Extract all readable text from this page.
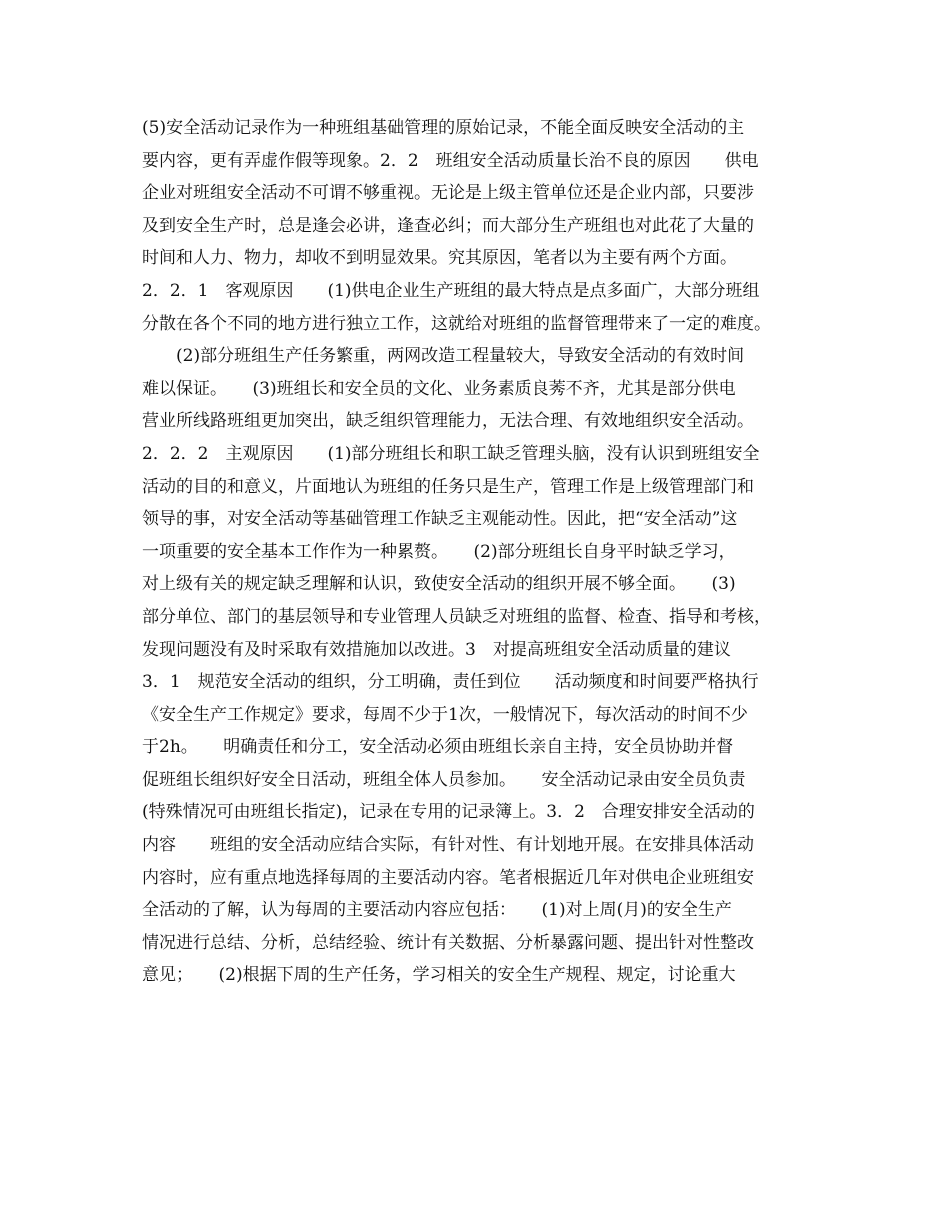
(5)安全活动记录作为一种班组基础管理的原始记录，不能全面反映安全活动的主
要内容，更有弄虚作假等现象。2．2　班组安全活动质量长治不良的原因　　供电
企业对班组安全活动不可谓不够重视。无论是上级主管单位还是企业内部，只要涉
及到安全生产时，总是逢会必讲，逢查必纠；而大部分生产班组也对此花了大量的
时间和人力、物力，却收不到明显效果。究其原因，笔者以为主要有两个方面。
2．2．1　客观原因　　(1)供电企业生产班组的最大特点是点多面广，大部分班组
分散在各个不同的地方进行独立工作，这就给对班组的监督管理带来了一定的难度。
　　(2)部分班组生产任务繁重，两网改造工程量较大，导致安全活动的有效时间
难以保证。　　(3)班组长和安全员的文化、业务素质良莠不齐，尤其是部分供电
营业所线路班组更加突出，缺乏组织管理能力，无法合理、有效地组织安全活动。
2．2．2　主观原因　　(1)部分班组长和职工缺乏管理头脑，没有认识到班组安全
活动的目的和意义，片面地认为班组的任务只是生产，管理工作是上级管理部门和
领导的事，对安全活动等基础管理工作缺乏主观能动性。因此，把“安全活动”这
一项重要的安全基本工作作为一种累赘。　　(2)部分班组长自身平时缺乏学习，
对上级有关的规定缺乏理解和认识，致使安全活动的组织开展不够全面。　　(3)
部分单位、部门的基层领导和专业管理人员缺乏对班组的监督、检查、指导和考核，
发现问题没有及时采取有效措施加以改进。3　对提高班组安全活动质量的建议
3．1　规范安全活动的组织，分工明确，责任到位　　活动频度和时间要严格执行
《安全生产工作规定》要求，每周不少于1次，一般情况下，每次活动的时间不少
于2h。　　明确责任和分工，安全活动必须由班组长亲自主持，安全员协助并督
促班组长组织好安全日活动，班组全体人员参加。　　安全活动记录由安全员负责
(特殊情况可由班组长指定)，记录在专用的记录簿上。3．2　合理安排安全活动的
内容　　班组的安全活动应结合实际，有针对性、有计划地开展。在安排具体活动
内容时，应有重点地选择每周的主要活动内容。笔者根据近几年对供电企业班组安
全活动的了解，认为每周的主要活动内容应包括：　　(1)对上周(月)的安全生产
情况进行总结、分析，总结经验、统计有关数据、分析暴露问题、提出针对性整改
意见；　　(2)根据下周的生产任务，学习相关的安全生产规程、规定，讨论重大
